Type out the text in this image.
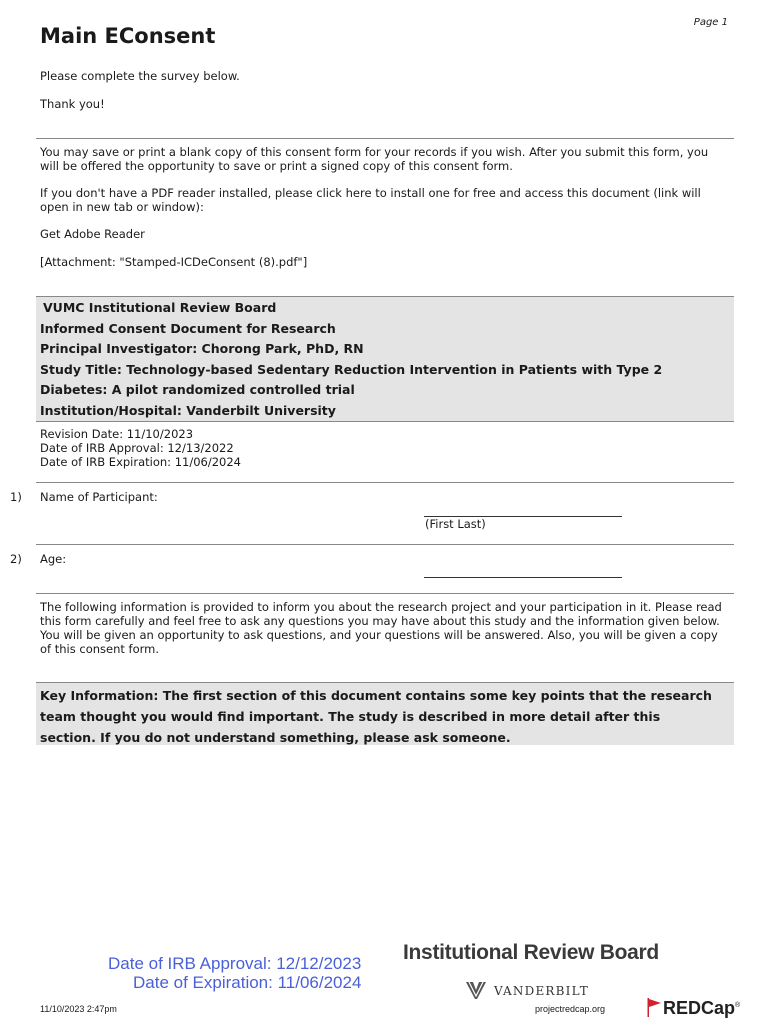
Page 1
Main EConsent
Please complete the survey below.
Thank you!
You may save or print a blank copy of this consent form for your records if you wish. After you submit this form, you will be offered the opportunity to save or print a signed copy of this consent form.
If you don't have a PDF reader installed, please click here to install one for free and access this document (link will open in new tab or window):
Get Adobe Reader
[Attachment: "Stamped-ICDeConsent (8).pdf"]
VUMC Institutional Review Board
Informed Consent Document for Research
Principal Investigator: Chorong Park, PhD, RN
Study Title: Technology-based Sedentary Reduction Intervention in Patients with Type 2
Diabetes: A pilot randomized controlled trial
Institution/Hospital: Vanderbilt University
Revision Date: 11/10/2023
Date of IRB Approval: 12/13/2022
Date of IRB Expiration: 11/06/2024
1) Name of Participant:
(First Last)
2) Age:
The following information is provided to inform you about the research project and your participation in it. Please read this form carefully and feel free to ask any questions you may have about this study and the information given below. You will be given an opportunity to ask questions, and your questions will be answered. Also, you will be given a copy of this consent form.
Key Information: The first section of this document contains some key points that the research
team thought you would find important. The study is described in more detail after this
section. If you do not understand something, please ask someone.
Date of IRB Approval: 12/12/2023
Date of Expiration: 11/06/2024
Institutional Review Board
VANDERBILT
11/10/2023 2:47pm	projectredcap.org	REDCap®
